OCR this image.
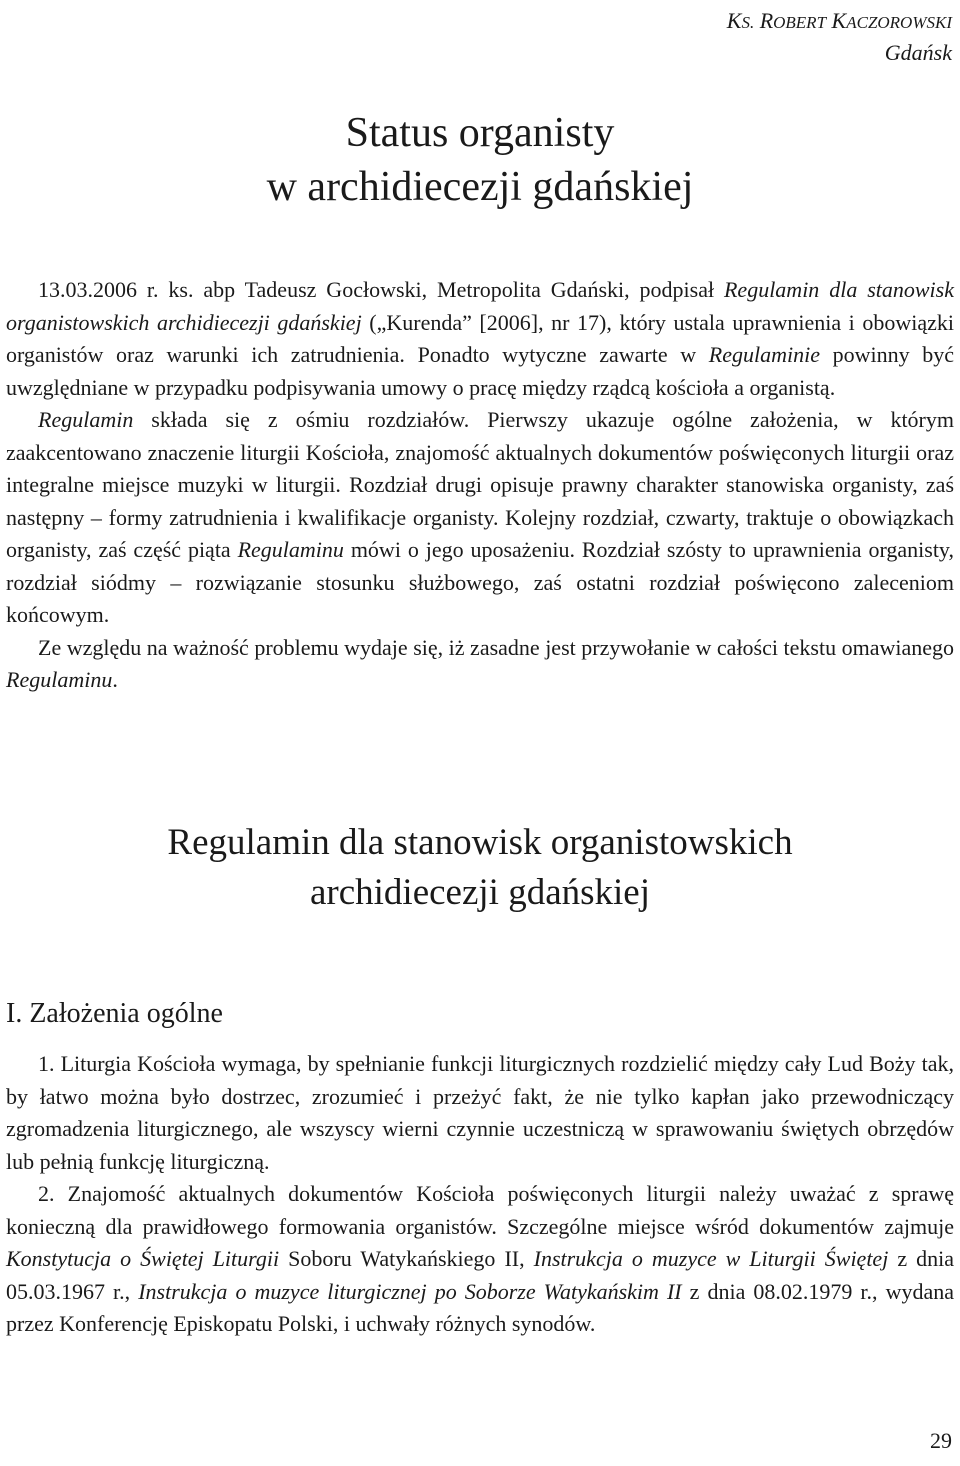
KS. ROBERT KACZOROWSKI
Gdańsk
Status organisty
w archidiecezji gdańskiej

13.03.2006 r. ks. abp Tadeusz Gocłowski, Metropolita Gdański, podpisał Regulamin dla stanowisk organistowskich archidiecezji gdańskiej („Kurenda” [2006], nr 17), który ustala uprawnienia i obowiązki organistów oraz warunki ich zatrudnienia. Ponadto wytyczne zawarte w Regulaminie powinny być uwzględniane w przypadku podpisywania umowy o pracę między rządcą kościoła a organistą.

Regulamin składa się z ośmiu rozdziałów. Pierwszy ukazuje ogólne założenia, w którym zaakcentowano znaczenie liturgii Kościoła, znajomość aktualnych dokumentów poświęconych liturgii oraz integralne miejsce muzyki w liturgii. Rozdział drugi opisuje prawny charakter stanowiska organisty, zaś następny – formy zatrudnienia i kwalifikacje organisty. Kolejny rozdział, czwarty, traktuje o obowiązkach organisty, zaś część piąta Regulaminu mówi o jego uposażeniu. Rozdział szósty to uprawnienia organisty, rozdział siódmy – rozwiązanie stosunku służbowego, zaś ostatni rozdział poświęcono zaleceniom końcowym.

Ze względu na ważność problemu wydaje się, iż zasadne jest przywołanie w całości tekstu omawianego Regulaminu.

Regulamin dla stanowisk organistowskich
archidiecezji gdańskiej
I. Założenia ogólne

1. Liturgia Kościoła wymaga, by spełnianie funkcji liturgicznych rozdzielić między cały Lud Boży tak, by łatwo można było dostrzec, zrozumieć i przeżyć fakt, że nie tylko kapłan jako przewodniczący zgromadzenia liturgicznego, ale wszyscy wierni czynnie uczestniczą w sprawowaniu świętych obrzędów lub pełnią funkcję liturgiczną.

2. Znajomość aktualnych dokumentów Kościoła poświęconych liturgii należy uważać z sprawę konieczną dla prawidłowego formowania organistów. Szczególne miejsce wśród dokumentów zajmuje Konstytucja o Świętej Liturgii Soboru Watykańskiego II, Instrukcja o muzyce w Liturgii Świętej z dnia 05.03.1967 r., Instrukcja o muzyce liturgicznej po Soborze Watykańskim II z dnia 08.02.1979 r., wydana przez Konferencję Episkopatu Polski, i uchwały różnych synodów.

29
